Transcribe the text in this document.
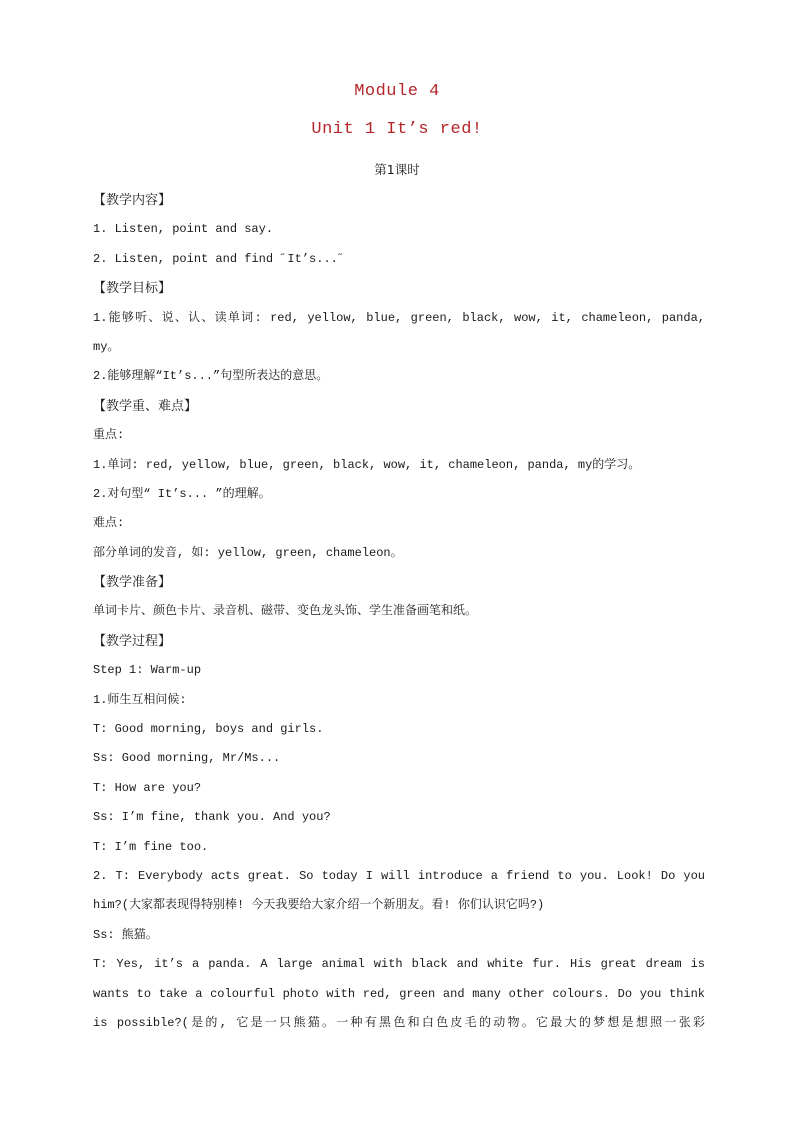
Module 4
Unit 1 It’s red!
第1课时
【教学内容】
1. Listen, point and say.
2. Listen, point and find ˝It’s...˝
【教学目标】
1.能够听、说、认、读单词: red, yellow, blue, green, black, wow, it, chameleon, panda,
my。
2.能够理解“It’s...”句型所表达的意思。
【教学重、难点】
重点:
1.单词: red, yellow, blue, green, black, wow, it, chameleon, panda, my的学习。
2.对句型“ It’s... ”的理解。
难点:
部分单词的发音, 如: yellow, green, chameleon。
【教学准备】
单词卡片、颜色卡片、录音机、磁带、变色龙头饰、学生准备画笔和纸。
【教学过程】
Step 1: Warm-up
1.师生互相问候:
T: Good morning, boys and girls.
Ss: Good morning, Mr/Ms...
T: How are you?
Ss: I’m fine, thank you. And you?
T: I’m fine too.
2. T: Everybody acts great. So today I will introduce a friend to you. Look! Do you
him?(大家都表现得特别棒! 今天我要给大家介绍一个新朋友。看! 你们认识它吗?)
Ss: 熊猫。
T: Yes, it’s a panda. A large animal with black and white fur. His great dream is
wants to take a colourful photo with red, green and many other colours. Do you think
is possible?(是的, 它是一只熊猫。一种有黑色和白色皮毛的动物。它最大的梦想是想照一张彩
